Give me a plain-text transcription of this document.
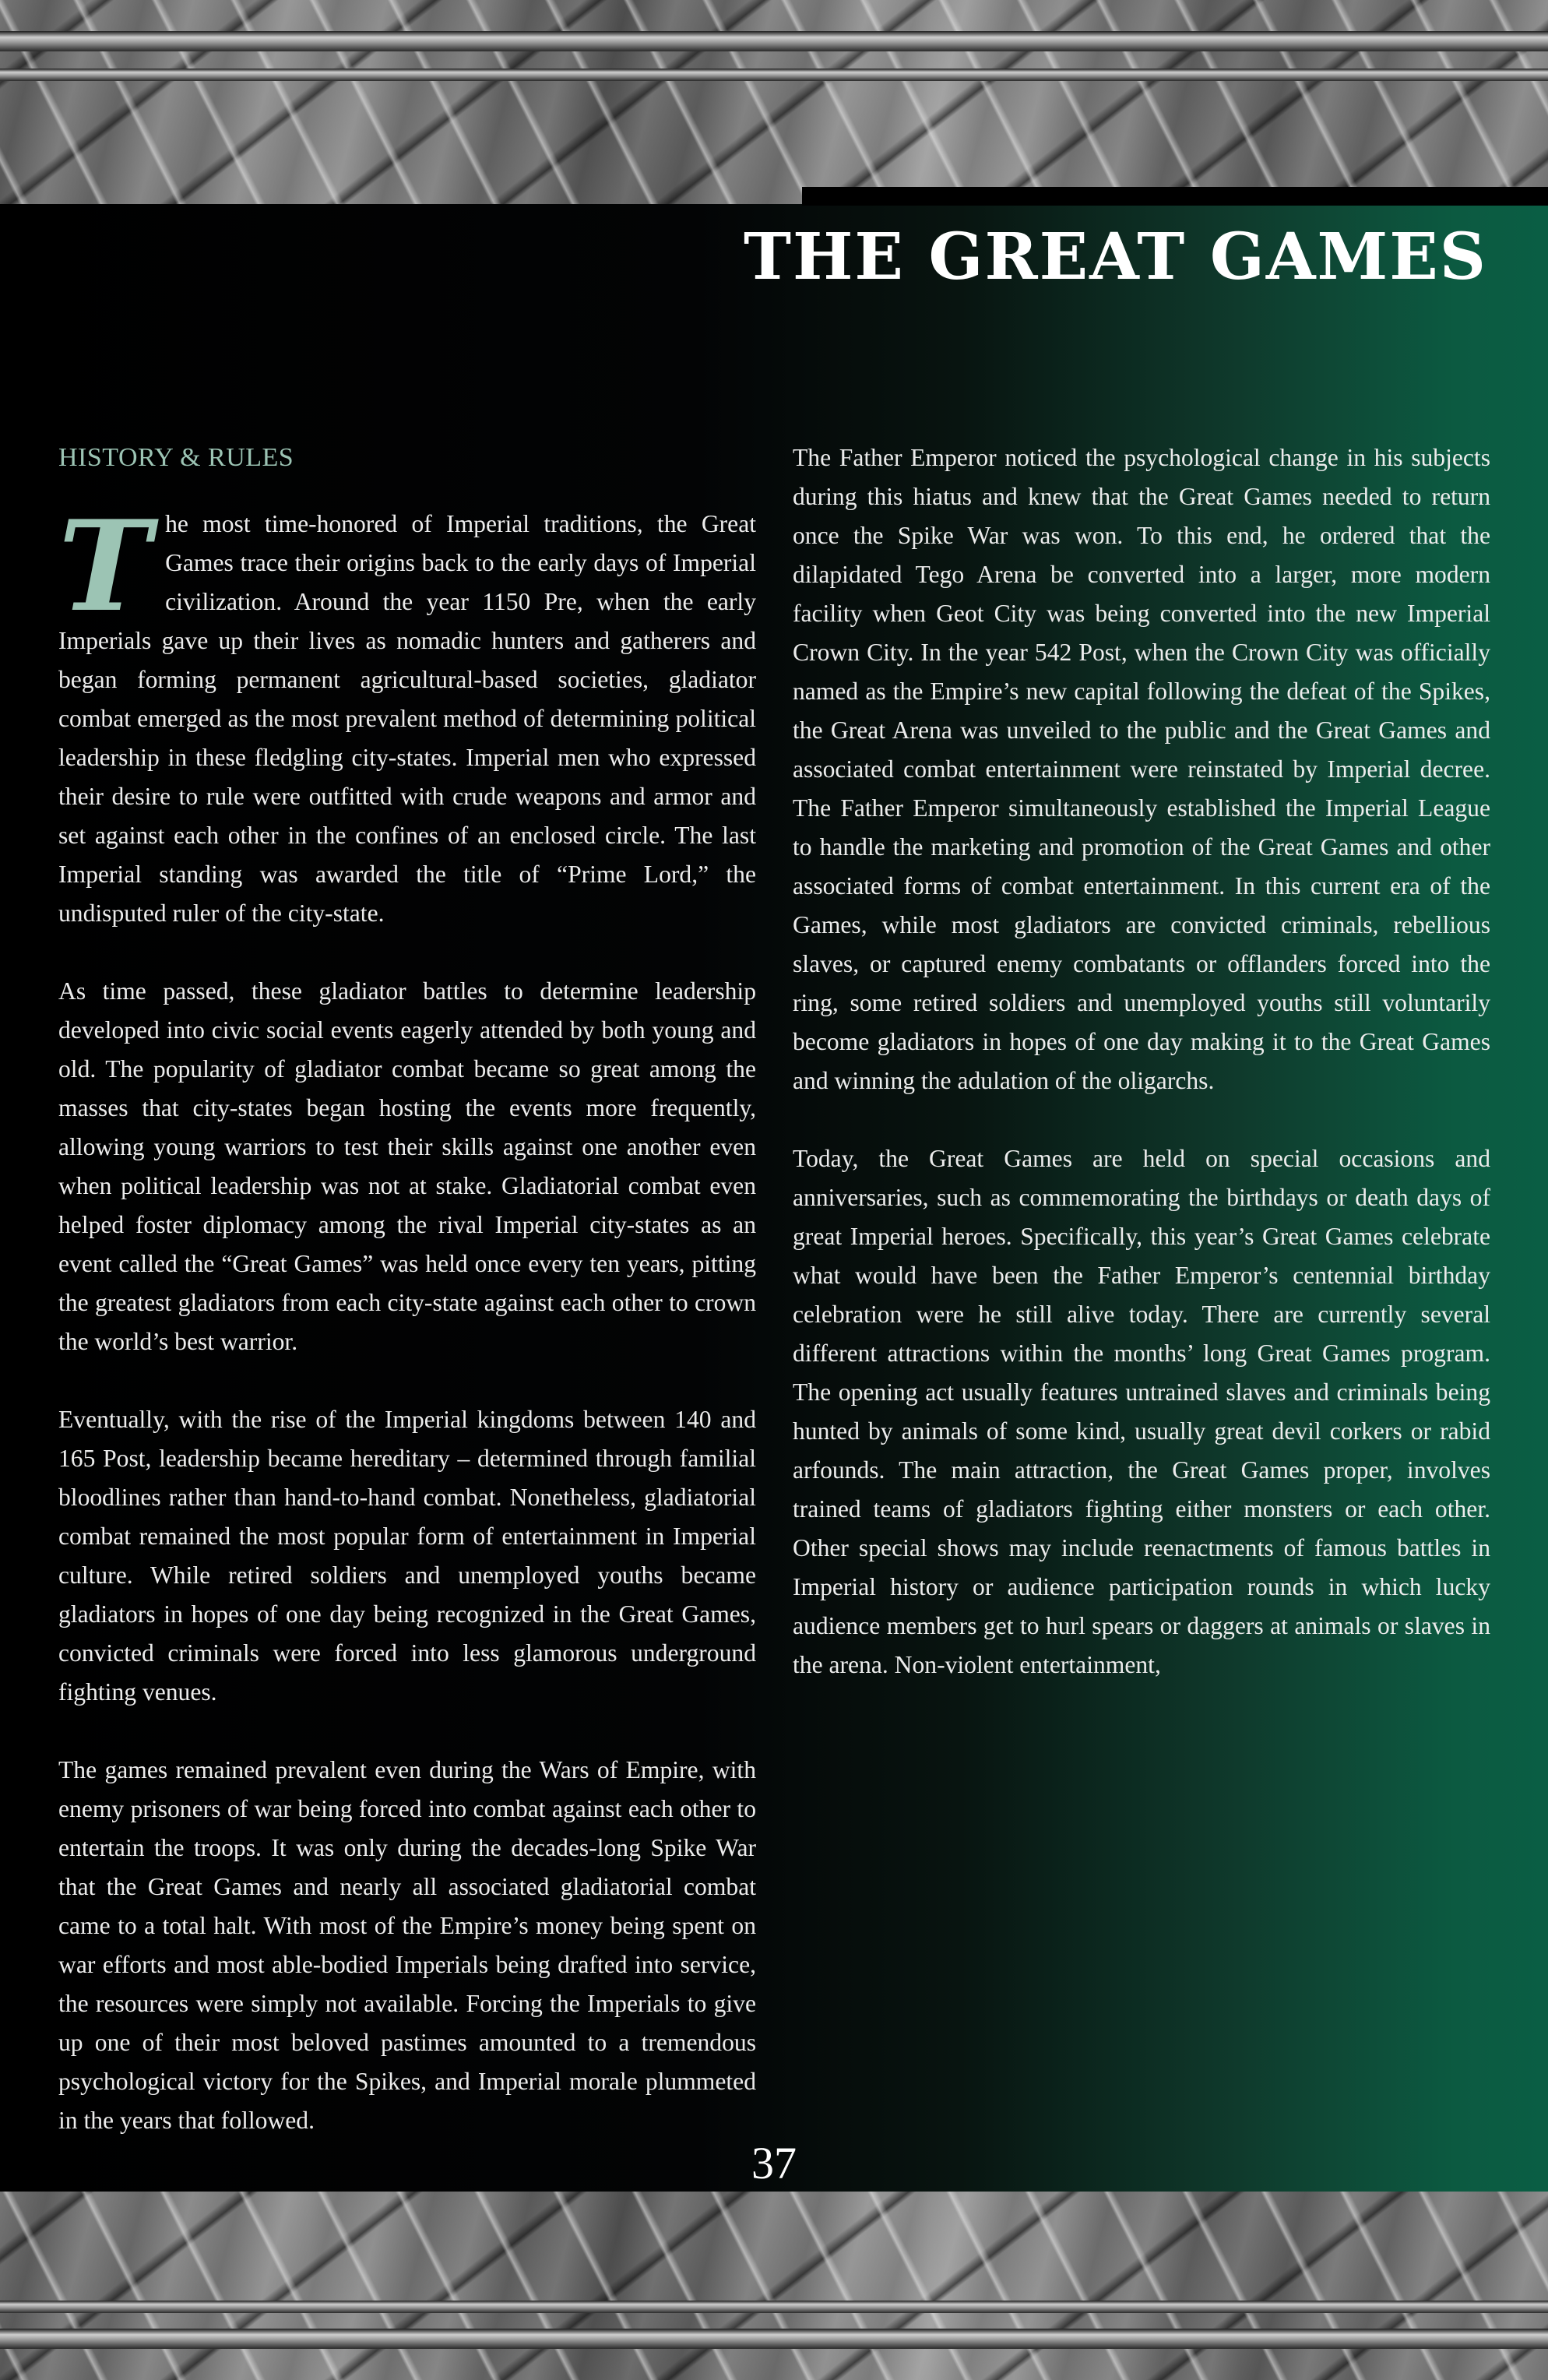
THE GREAT GAMES
HISTORY & RULES

The most time-honored of Imperial traditions, the Great Games trace their origins back to the early days of Imperial civilization. Around the year 1150 Pre, when the early Imperials gave up their lives as nomadic hunters and gatherers and began forming permanent agricultural-based societies, gladiator combat emerged as the most prevalent method of determining political leadership in these fledgling city-states. Imperial men who expressed their desire to rule were outfitted with crude weapons and armor and set against each other in the confines of an enclosed circle. The last Imperial standing was awarded the title of “Prime Lord,” the undisputed ruler of the city-state.

As time passed, these gladiator battles to determine leadership developed into civic social events eagerly attended by both young and old. The popularity of gladiator combat became so great among the masses that city-states began hosting the events more frequently, allowing young warriors to test their skills against one another even when political leadership was not at stake. Gladiatorial combat even helped foster diplomacy among the rival Imperial city-states as an event called the “Great Games” was held once every ten years, pitting the greatest gladiators from each city-state against each other to crown the world’s best warrior.

Eventually, with the rise of the Imperial kingdoms between 140 and 165 Post, leadership became hereditary – determined through familial bloodlines rather than hand-to-hand combat. Nonetheless, gladiatorial combat remained the most popular form of entertainment in Imperial culture. While retired soldiers and unemployed youths became gladiators in hopes of one day being recognized in the Great Games, convicted criminals were forced into less glamorous underground fighting venues.

The games remained prevalent even during the Wars of Empire, with enemy prisoners of war being forced into combat against each other to entertain the troops. It was only during the decades-long Spike War that the Great Games and nearly all associated gladiatorial combat came to a total halt. With most of the Empire’s money being spent on war efforts and most able-bodied Imperials being drafted into service, the resources were simply not available. Forcing the Imperials to give up one of their most beloved pastimes amounted to a tremendous psychological victory for the Spikes, and Imperial morale plummeted in the years that followed.

The Father Emperor noticed the psychological change in his subjects during this hiatus and knew that the Great Games needed to return once the Spike War was won. To this end, he ordered that the dilapidated Tego Arena be converted into a larger, more modern facility when Geot City was being converted into the new Imperial Crown City. In the year 542 Post, when the Crown City was officially named as the Empire’s new capital following the defeat of the Spikes, the Great Arena was unveiled to the public and the Great Games and associated combat entertainment were reinstated by Imperial decree. The Father Emperor simultaneously established the Imperial League to handle the marketing and promotion of the Great Games and other associated forms of combat entertainment. In this current era of the Games, while most gladiators are convicted criminals, rebellious slaves, or captured enemy combatants or offlanders forced into the ring, some retired soldiers and unemployed youths still voluntarily become gladiators in hopes of one day making it to the Great Games and winning the adulation of the oligarchs.

Today, the Great Games are held on special occasions and anniversaries, such as commemorating the birthdays or death days of great Imperial heroes. Specifically, this year’s Great Games celebrate what would have been the Father Emperor’s centennial birthday celebration were he still alive today. There are currently several different attractions within the months’ long Great Games program. The opening act usually features untrained slaves and criminals being hunted by animals of some kind, usually great devil corkers or rabid arfounds. The main attraction, the Great Games proper, involves trained teams of gladiators fighting either monsters or each other. Other special shows may include reenactments of famous battles in Imperial history or audience participation rounds in which lucky audience members get to hurl spears or daggers at animals or slaves in the arena. Non-violent entertainment,

37
